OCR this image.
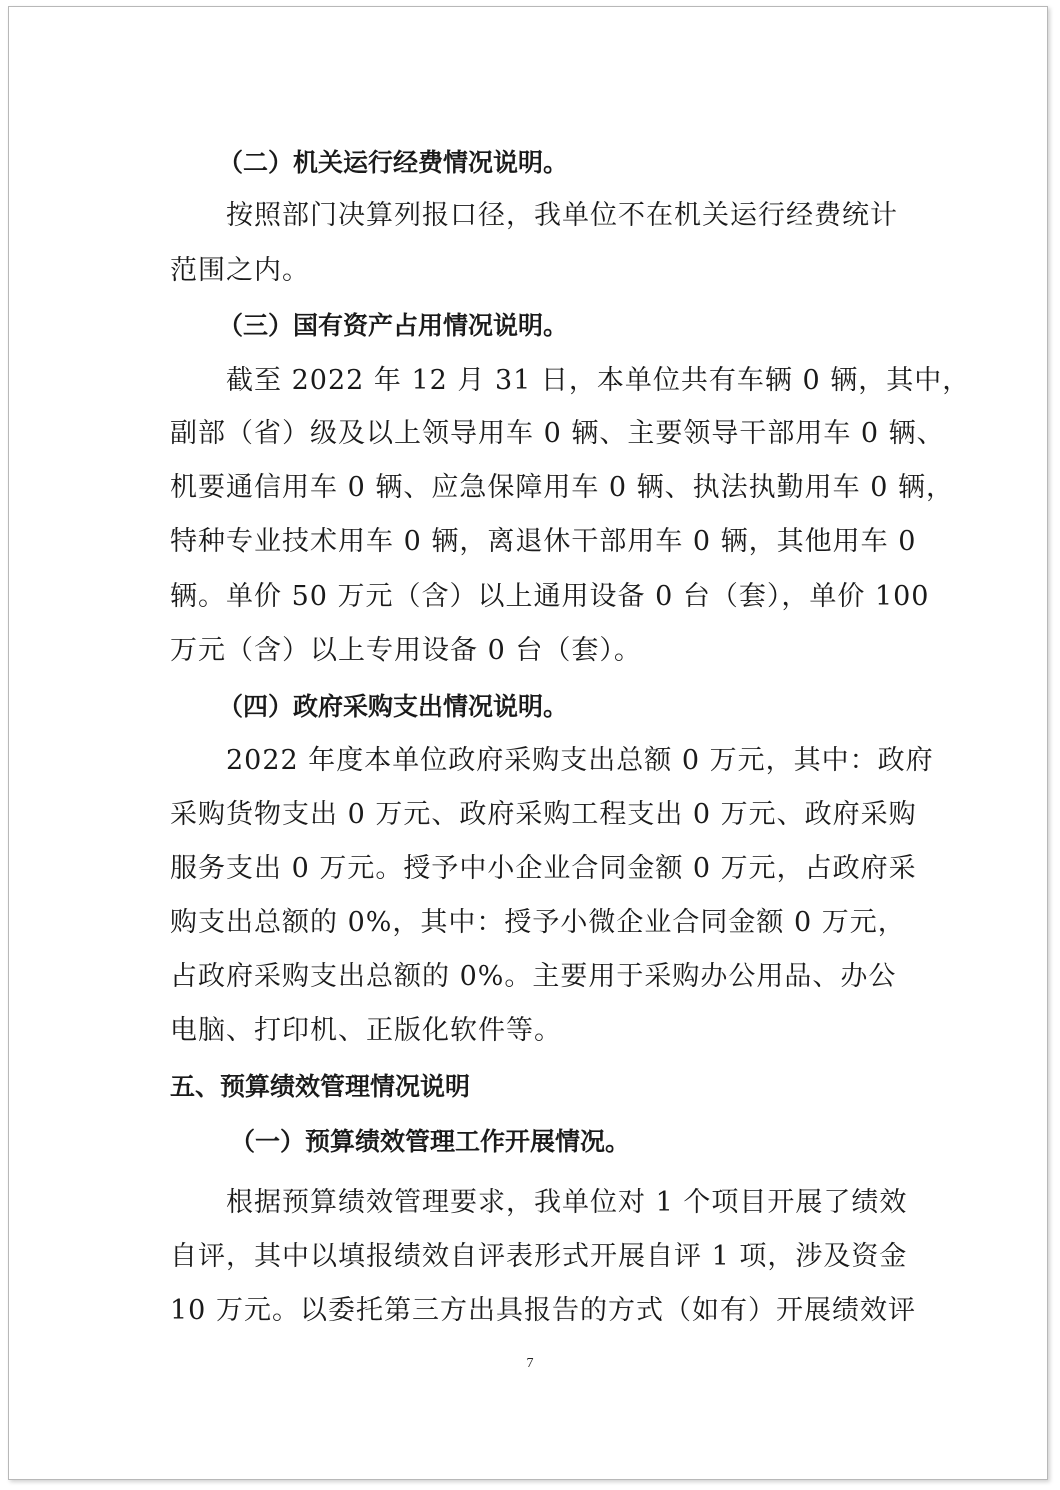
（二）机关运行经费情况说明。
按照部门决算列报口径，我单位不在机关运行经费统计
范围之内。
（三）国有资产占用情况说明。
截至 2022 年 12 月 31 日，本单位共有车辆 0 辆，其中，
副部（省）级及以上领导用车 0 辆、主要领导干部用车 0 辆、
机要通信用车 0 辆、应急保障用车 0 辆、执法执勤用车 0 辆，
特种专业技术用车 0 辆，离退休干部用车 0 辆，其他用车 0
辆。单价 50 万元（含）以上通用设备 0 台（套），单价 100
万元（含）以上专用设备 0 台（套）。
（四）政府采购支出情况说明。
2022 年度本单位政府采购支出总额 0 万元，其中：政府
采购货物支出 0 万元、政府采购工程支出 0 万元、政府采购
服务支出 0 万元。授予中小企业合同金额 0 万元，占政府采
购支出总额的 0%，其中：授予小微企业合同金额 0 万元，
占政府采购支出总额的 0%。主要用于采购办公用品、办公
电脑、打印机、正版化软件等。
五、预算绩效管理情况说明
（一）预算绩效管理工作开展情况。
根据预算绩效管理要求，我单位对 1 个项目开展了绩效
自评，其中以填报绩效自评表形式开展自评 1 项，涉及资金
10 万元。以委托第三方出具报告的方式（如有）开展绩效评
7
